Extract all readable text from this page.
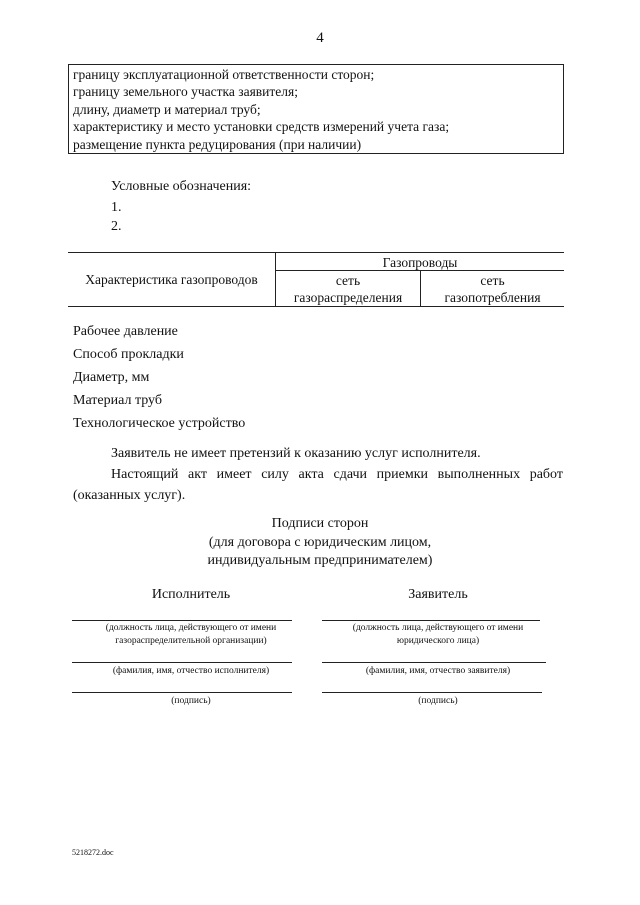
4
границу эксплуатационной ответственности сторон;
границу земельного участка заявителя;
длину, диаметр и материал труб;
характеристику и место установки средств измерений учета газа;
размещение пункта редуцирования (при наличии)
Условные обозначения:
1.
2.
Характеристика газопроводов
Газопроводы
сеть
газораспределения
сеть
газопотребления
Рабочее давление
Способ прокладки
Диаметр, мм
Материал труб
Технологическое устройство
Заявитель не имеет претензий к оказанию услуг исполнителя.
Настоящий акт имеет силу акта сдачи приемки выполненных работ
(оказанных услуг).
Подписи сторон
(для договора с юридическим лицом,
индивидуальным предпринимателем)
Исполнитель
(должность лица, действующего от имени
газораспределительной организации)
(фамилия, имя, отчество исполнителя)
(подпись)
Заявитель
(должность лица, действующего от имени
юридического лица)
(фамилия, имя, отчество заявителя)
(подпись)
5218272.doc
